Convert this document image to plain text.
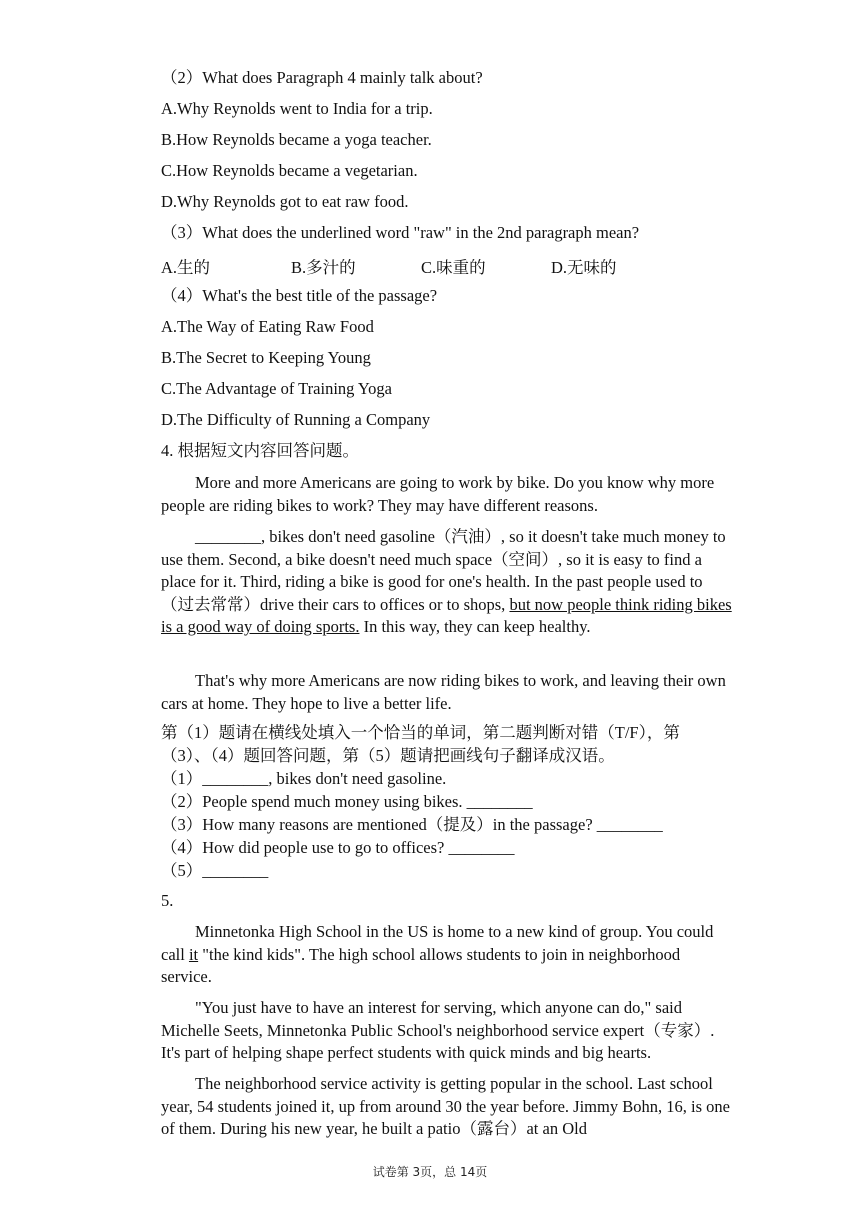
（2）What does Paragraph 4 mainly talk about?
A.Why Reynolds went to India for a trip.
B.How Reynolds became a yoga teacher.
C.How Reynolds became a vegetarian.
D.Why Reynolds got to eat raw food.
（3）What does the underlined word "raw" in the 2nd paragraph mean?
A.生的	B.多汁的	C.味重的	D.无味的
（4）What's the best title of the passage?
A.The Way of Eating Raw Food
B.The Secret to Keeping Young
C.The Advantage of Training Yoga
D.The Difficulty of Running a Company
4. 根据短文内容回答问题。

More and more Americans are going to work by bike. Do you know why more people are riding bikes to work? They may have different reasons.

________, bikes don't need gasoline（汽油）, so it doesn't take much money to use them. Second, a bike doesn't need much space（空间）, so it is easy to find a place for it. Third, riding a bike is good for one's health. In the past people used to（过去常常）drive their cars to offices or to shops, but now people think riding bikes is a good way of doing sports. In this way, they can keep healthy.

That's why more Americans are now riding bikes to work, and leaving their own cars at home. They hope to live a better life.

第（1）题请在横线处填入一个恰当的单词，第二题判断对错（T/F），第
（3）、（4）题回答问题，第（5）题请把画线句子翻译成汉语。
（1）________, bikes don't need gasoline.
（2）People spend much money using bikes. ________
（3）How many reasons are mentioned（提及）in the passage? ________
（4）How did people use to go to offices? ________
（5）________
5.

Minnetonka High School in the US is home to a new kind of group. You could call it "the kind kids". The high school allows students to join in neighborhood service.

"You just have to have an interest for serving, which anyone can do," said Michelle Seets, Minnetonka Public School's neighborhood service expert（专家）. It's part of helping shape perfect students with quick minds and big hearts.

The neighborhood service activity is getting popular in the school. Last school year, 54 students joined it, up from around 30 the year before. Jimmy Bohn, 16, is one of them. During his new year, he built a patio（露台）at an Old

试卷第 3页，总 14页
